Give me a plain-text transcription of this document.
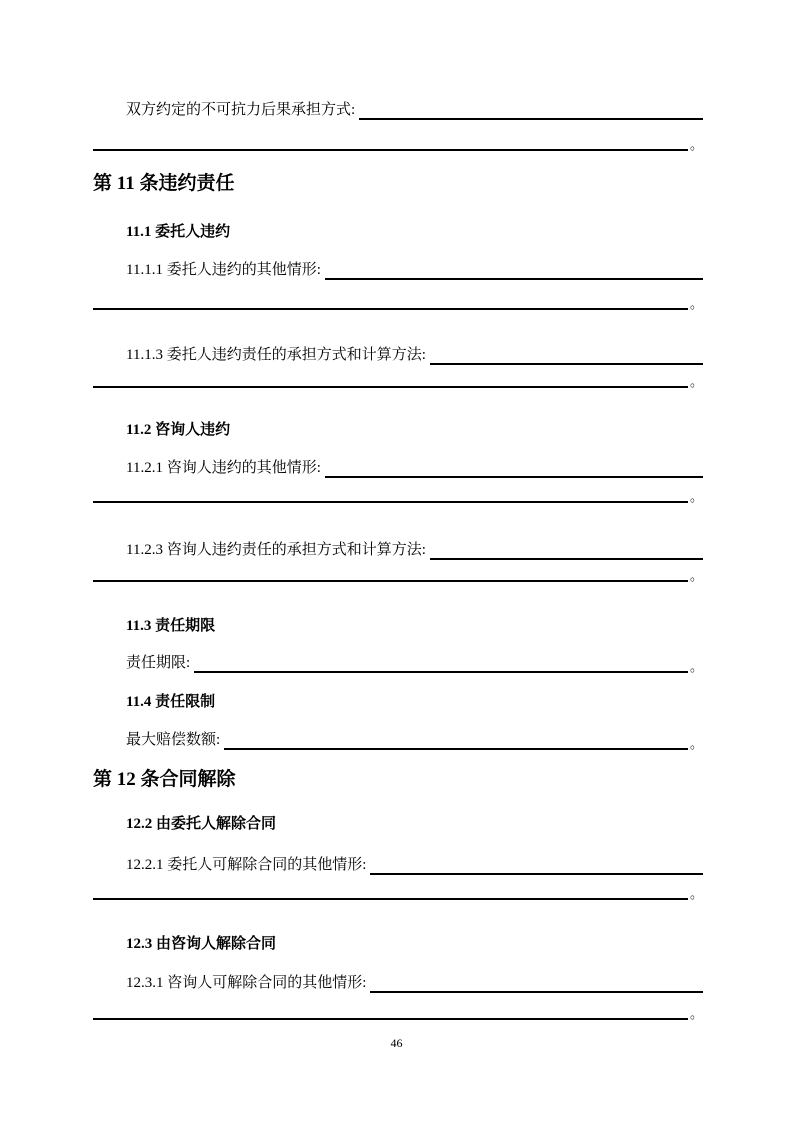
双方约定的不可抗力后果承担方式:
。
第 11 条违约责任
11.1 委托人违约
11.1.1 委托人违约的其他情形:
。
11.1.3 委托人违约责任的承担方式和计算方法:
。
11.2 咨询人违约
11.2.1 咨询人违约的其他情形:
。
11.2.3 咨询人违约责任的承担方式和计算方法:
。
11.3 责任期限
责任期限:	。
11.4 责任限制
最大赔偿数额:	。
第 12 条合同解除
12.2 由委托人解除合同
12.2.1 委托人可解除合同的其他情形:
。
12.3 由咨询人解除合同
12.3.1 咨询人可解除合同的其他情形:
。
46
